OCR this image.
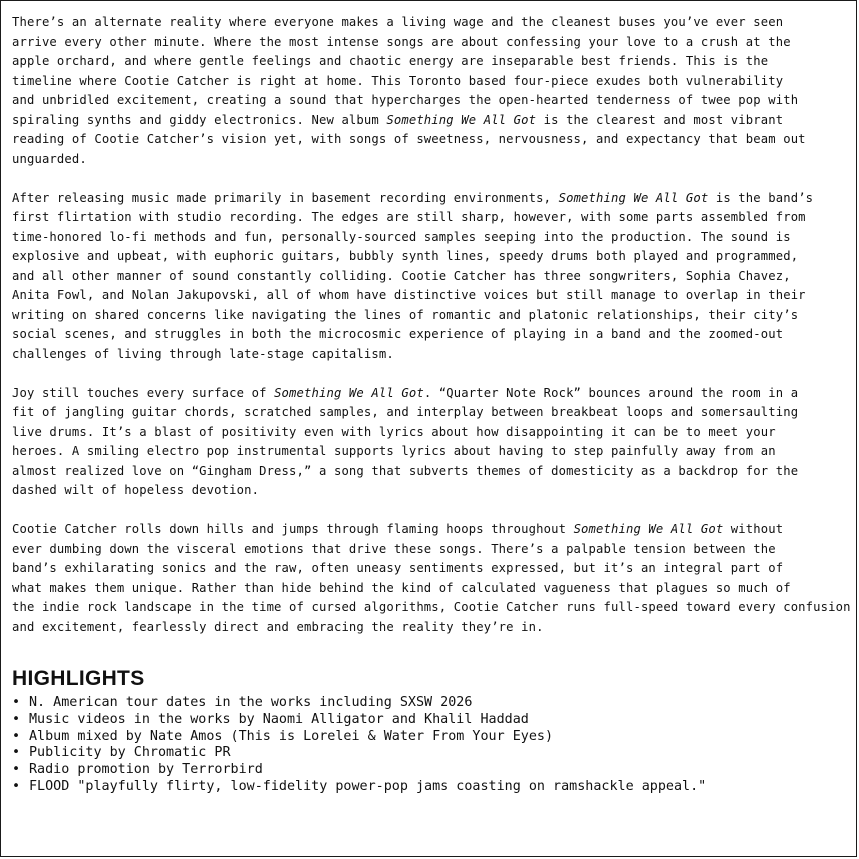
There’s an alternate reality where everyone makes a living wage and the cleanest buses you’ve ever seen
arrive every other minute. Where the most intense songs are about confessing your love to a crush at the
apple orchard, and where gentle feelings and chaotic energy are inseparable best friends. This is the
timeline where Cootie Catcher is right at home. This Toronto based four-piece exudes both vulnerability
and unbridled excitement, creating a sound that hypercharges the open-hearted tenderness of twee pop with
spiraling synths and giddy electronics. New album Something We All Got is the clearest and most vibrant
reading of Cootie Catcher’s vision yet, with songs of sweetness, nervousness, and expectancy that beam out
unguarded.

After releasing music made primarily in basement recording environments, Something We All Got is the band’s
first flirtation with studio recording. The edges are still sharp, however, with some parts assembled from
time-honored lo-fi methods and fun, personally-sourced samples seeping into the production. The sound is
explosive and upbeat, with euphoric guitars, bubbly synth lines, speedy drums both played and programmed,
and all other manner of sound constantly colliding. Cootie Catcher has three songwriters, Sophia Chavez,
Anita Fowl, and Nolan Jakupovski, all of whom have distinctive voices but still manage to overlap in their
writing on shared concerns like navigating the lines of romantic and platonic relationships, their city’s
social scenes, and struggles in both the microcosmic experience of playing in a band and the zoomed-out
challenges of living through late-stage capitalism.

Joy still touches every surface of Something We All Got. “Quarter Note Rock” bounces around the room in a
fit of jangling guitar chords, scratched samples, and interplay between breakbeat loops and somersaulting
live drums. It’s a blast of positivity even with lyrics about how disappointing it can be to meet your
heroes. A smiling electro pop instrumental supports lyrics about having to step painfully away from an
almost realized love on “Gingham Dress,” a song that subverts themes of domesticity as a backdrop for the
dashed wilt of hopeless devotion.

Cootie Catcher rolls down hills and jumps through flaming hoops throughout Something We All Got without
ever dumbing down the visceral emotions that drive these songs. There’s a palpable tension between the
band’s exhilarating sonics and the raw, often uneasy sentiments expressed, but it’s an integral part of
what makes them unique. Rather than hide behind the kind of calculated vagueness that plagues so much of
the indie rock landscape in the time of cursed algorithms, Cootie Catcher runs full-speed toward every confusion
and excitement, fearlessly direct and embracing the reality they’re in.

HIGHLIGHTS
• N. American tour dates in the works including SXSW 2026
• Music videos in the works by Naomi Alligator and Khalil Haddad
• Album mixed by Nate Amos (This is Lorelei & Water From Your Eyes)
• Publicity by Chromatic PR
• Radio promotion by Terrorbird
• FLOOD "playfully flirty, low-fidelity power-pop jams coasting on ramshackle appeal."
